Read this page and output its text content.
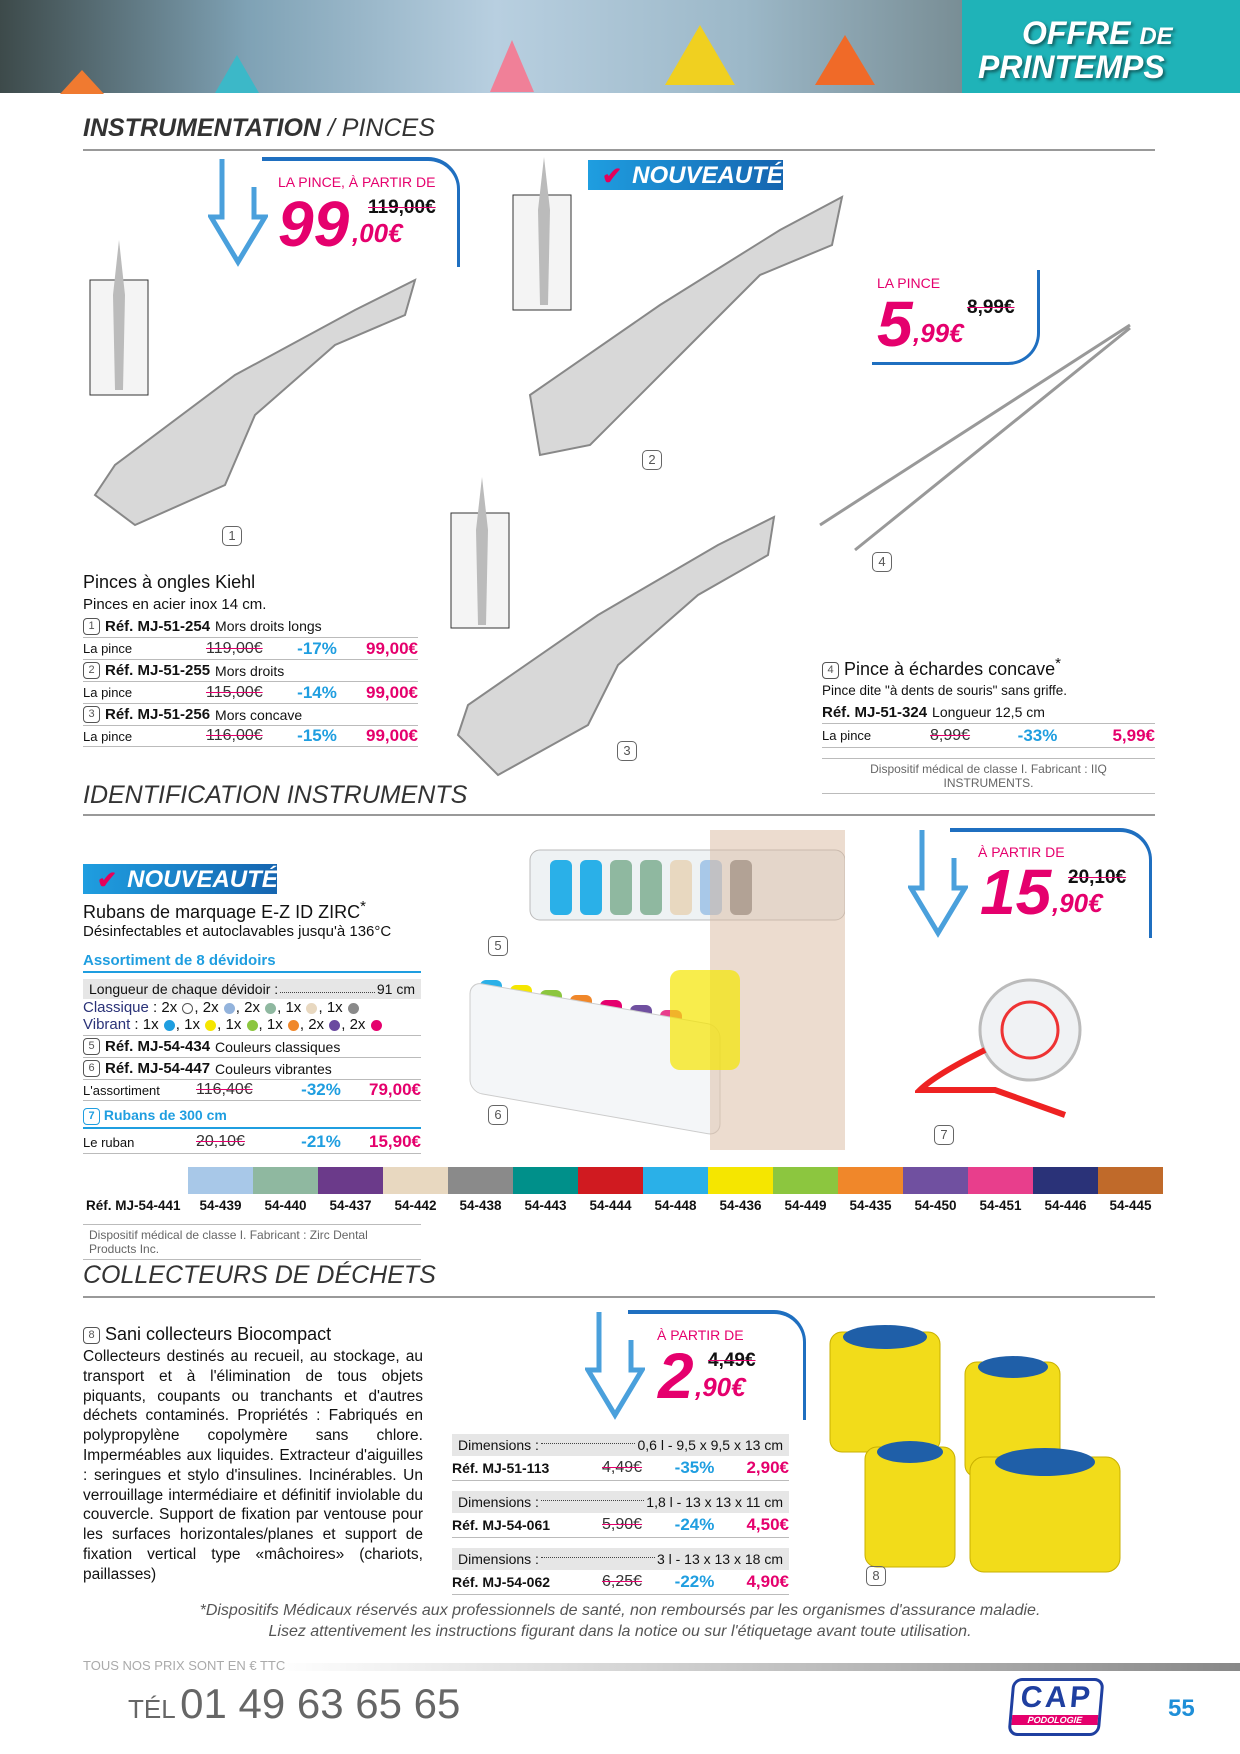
OFFRE DE
PRINTEMPS
INSTRUMENTATION / PINCES
LA PINCE, À PARTIR DE
99 119,00€
,00€
1
2
3
4
✔ NOUVEAUTÉ
LA PINCE
5	8,99€
,99€
Pinces à ongles Kiehl
Pinces en acier inox 14 cm.
1 Réf. MJ-51-254 Mors droits longs
La pince	119,00€	-17%	99,00€
2 Réf. MJ-51-255 Mors droits
La pince	115,00€	-14%	99,00€
3 Réf. MJ-51-256 Mors concave
La pince	116,00€	-15%	99,00€
4 Pince à échardes concave*
Pince dite "à dents de souris" sans griffe.
Réf. MJ-51-324 Longueur 12,5 cm
La pince	8,99€	-33%	5,99€
Dispositif médical de classe I. Fabricant : IIQ INSTRUMENTS.
IDENTIFICATION INSTRUMENTS
✔ NOUVEAUTÉ
Rubans de marquage E-Z ID ZIRC*
Désinfectables et autoclavables jusqu'à 136°C
Assortiment de 8 dévidoirs
Longueur de chaque dévidoir :	91 cm
Classique : 2x , 2x , 2x , 1x , 1x
Vibrant : 1x , 1x , 1x , 1x , 2x , 2x
5 Réf. MJ-54-434 Couleurs classiques
6 Réf. MJ-54-447 Couleurs vibrantes
L'assortiment	116,40€	-32%	79,00€
7 Rubans de 300 cm
Le ruban	20,10€	-21%	15,90€
5
6
7
À PARTIR DE
15 20,10€
,90€
Réf. MJ-54-441	54-439	54-440	54-437	54-442	54-438	54-443	54-444	54-448	54-436	54-449	54-435	54-450	54-451	54-446	54-445
Dispositif médical de classe I. Fabricant : Zirc Dental Products Inc.
COLLECTEURS DE DÉCHETS
8 Sani collecteurs Biocompact
Collecteurs destinés au recueil, au stockage, au transport et à l'élimination de tous objets piquants, coupants ou tranchants et d'autres déchets contaminés. Propriétés : Fabriqués en polypropylène copolymère sans chlore. Imperméables aux liquides. Extracteur d'aiguilles : seringues et stylo d'insulines. Incinérables. Un verrouillage intermédiaire et définitif inviolable du couvercle. Support de fixation par ventouse pour les surfaces horizontales/planes et support de fixation vertical type «mâchoires» (chariots, paillasses)
À PARTIR DE
2 4,49€
,90€
Dimensions :	0,6 l - 9,5 x 9,5 x 13 cm
Réf. MJ-51-113	4,49€	-35%	2,90€
Dimensions :	1,8 l - 13 x 13 x 11 cm
Réf. MJ-54-061	5,90€	-24%	4,50€
Dimensions :	3 l - 13 x 13 x 18 cm
Réf. MJ-54-062	6,25€	-22%	4,90€	8
*Dispositifs Médicaux réservés aux professionnels de santé, non remboursés par les organismes d'assurance maladie.
Lisez attentivement les instructions figurant dans la notice ou sur l'étiquetage avant toute utilisation.
TOUS NOS PRIX SONT EN € TTC
TÉL 01 49 63 65 65	CAP
PODOLOGIE	55
